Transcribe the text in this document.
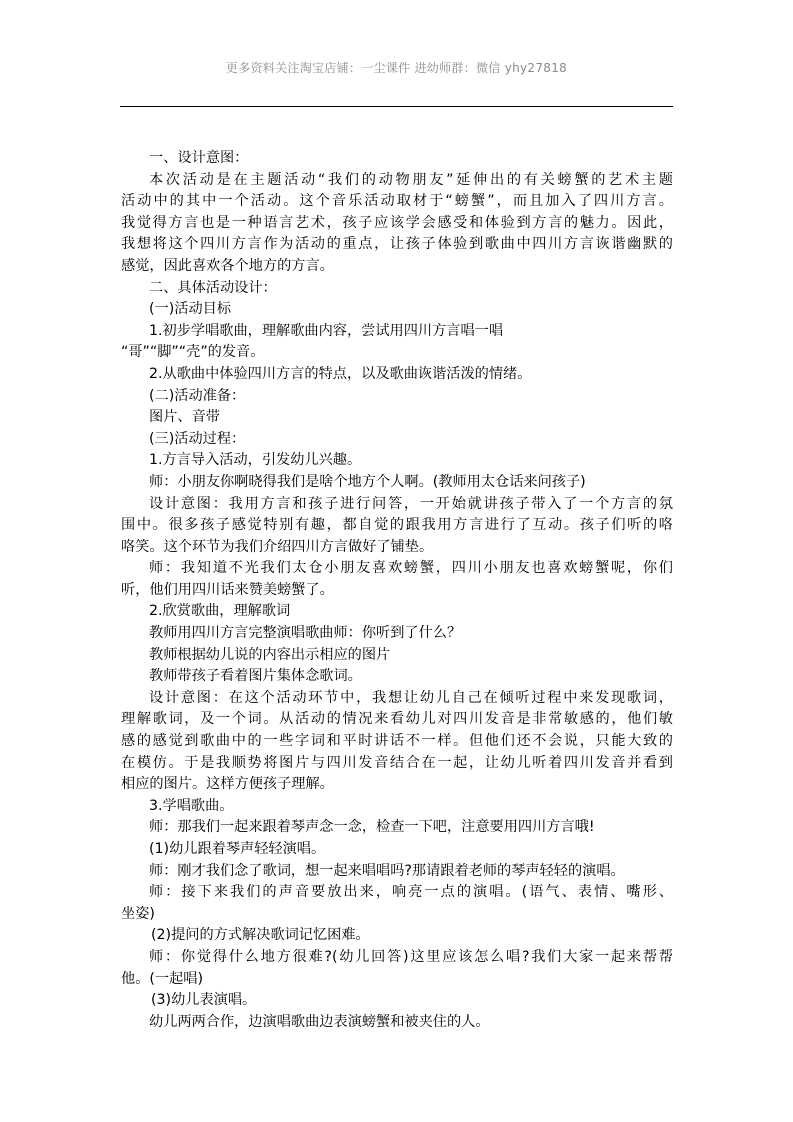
更多资料关注淘宝店铺：一尘课件 进幼师群：微信 yhy27818
一、设计意图：
本次活动是在主题活动“我们的动物朋友”延伸出的有关螃蟹的艺术主题
活动中的其中一个活动。这个音乐活动取材于“螃蟹”，而且加入了四川方言。
我觉得方言也是一种语言艺术，孩子应该学会感受和体验到方言的魅力。因此，
我想将这个四川方言作为活动的重点，让孩子体验到歌曲中四川方言诙谐幽默的
感觉，因此喜欢各个地方的方言。
二、具体活动设计：
(一)活动目标
1.初步学唱歌曲，理解歌曲内容，尝试用四川方言唱一唱
“哥”“脚”“壳”的发音。
2.从歌曲中体验四川方言的特点，以及歌曲诙谐活泼的情绪。
(二)活动准备：
图片、音带
(三)活动过程：
1.方言导入活动，引发幼儿兴趣。
师：小朋友你啊晓得我们是啥个地方个人啊。(教师用太仓话来问孩子)
设计意图：我用方言和孩子进行问答，一开始就讲孩子带入了一个方言的氛
围中。很多孩子感觉特别有趣，都自觉的跟我用方言进行了互动。孩子们听的咯
咯笑。这个环节为我们介绍四川方言做好了铺垫。
师：我知道不光我们太仓小朋友喜欢螃蟹，四川小朋友也喜欢螃蟹呢，你们
听，他们用四川话来赞美螃蟹了。
2.欣赏歌曲，理解歌词
教师用四川方言完整演唱歌曲师：你听到了什么？
教师根据幼儿说的内容出示相应的图片
教师带孩子看着图片集体念歌词。
设计意图：在这个活动环节中，我想让幼儿自己在倾听过程中来发现歌词，
理解歌词，及一个词。从活动的情况来看幼儿对四川发音是非常敏感的，他们敏
感的感觉到歌曲中的一些字词和平时讲话不一样。但他们还不会说，只能大致的
在模仿。于是我顺势将图片与四川发音结合在一起，让幼儿听着四川发音并看到
相应的图片。这样方便孩子理解。
3.学唱歌曲。
师：那我们一起来跟着琴声念一念，检查一下吧，注意要用四川方言哦!
(1)幼儿跟着琴声轻轻演唱。
师：刚才我们念了歌词，想一起来唱唱吗?那请跟着老师的琴声轻轻的演唱。
师：接下来我们的声音要放出来，响亮一点的演唱。(语气、表情、嘴形、
坐姿)
(2)提问的方式解决歌词记忆困难。
师：你觉得什么地方很难?(幼儿回答)这里应该怎么唱?我们大家一起来帮帮
他。(一起唱)
(3)幼儿表演唱。
幼儿两两合作，边演唱歌曲边表演螃蟹和被夹住的人。
